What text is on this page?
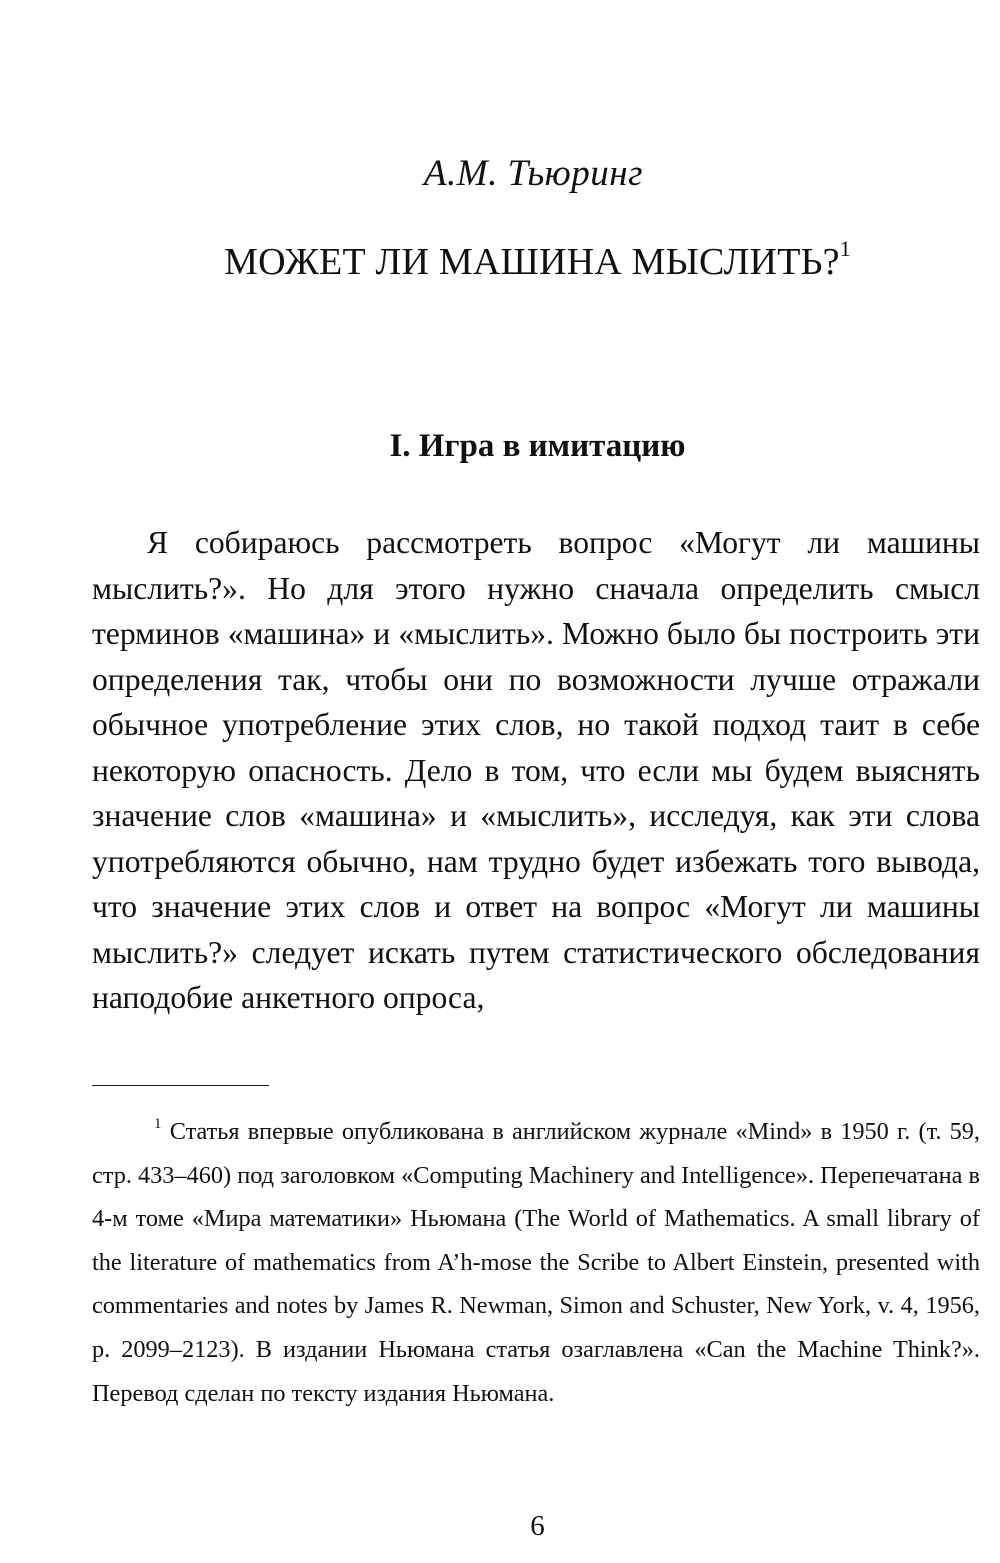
А.М. Тьюринг
МОЖЕТ ЛИ МАШИНА МЫСЛИТЬ?$^1$
I. Игра в имитацию

Я собираюсь рассмотреть вопрос «Могут ли машины мыслить?». Но для этого нужно сначала определить смысл терминов «машина» и «мыслить». Можно было бы построить эти определения так, чтобы они по возможности лучше отражали обычное употребление этих слов, но такой подход таит в себе некоторую опасность. Дело в том, что если мы будем выяснять значение слов «машина» и «мыслить», исследуя, как эти слова употребляются обычно, нам трудно будет избежать того вывода, что значение этих слов и ответ на вопрос «Могут ли машины мыслить?» следует искать путем статистического обследования наподобие анкетного опроса,

$^1$ Статья впервые опубликована в английском журнале «Mind» в 1950 г. (т. 59, стр. 433–460) под заголовком «Computing Machinery and Intelligence». Перепечатана в 4-м томе «Мира математики» Ньюмана (The World of Mathematics. A small library of the literature of mathematics from A’h-mose the Scribe to Albert Einstein, presented with commentaries and notes by James R. Newman, Simon and Schuster, New York, v. 4, 1956, p. 2099–2123). В издании Ньюмана статья озаглавлена «Can the Machine Think?». Перевод сделан по тексту издания Ньюмана.

6
